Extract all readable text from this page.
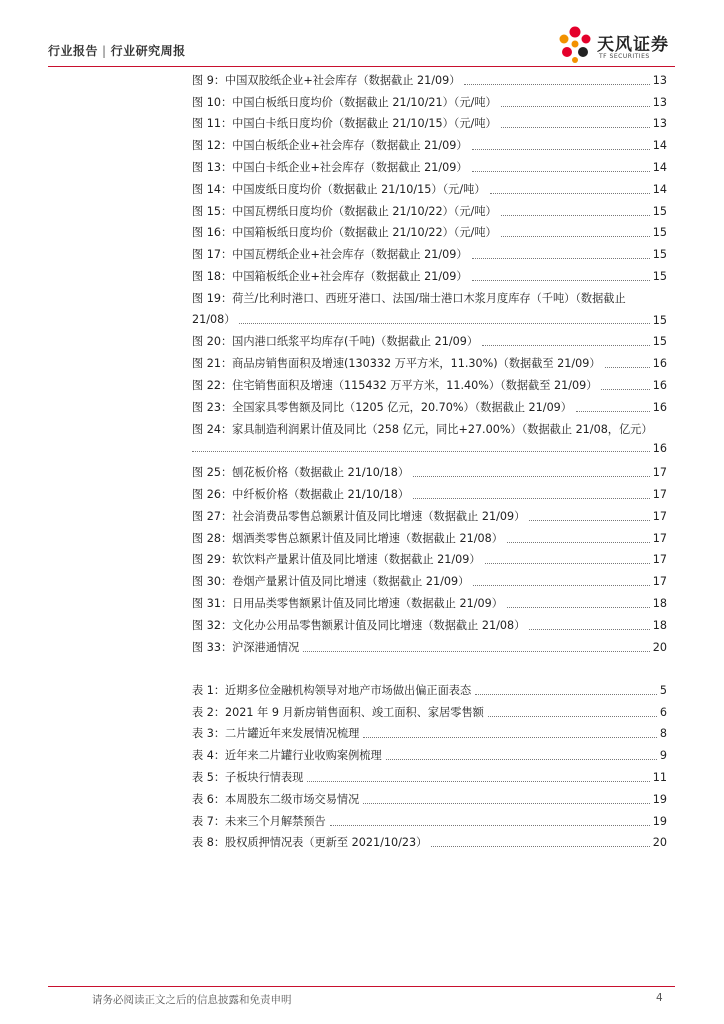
行业报告 | 行业研究周报	天风证券
TF SECURITIES
图 9：中国双胶纸企业+社会库存（数据截止 21/09）	13
图 10：中国白板纸日度均价（数据截止 21/10/21）（元/吨）	13
图 11：中国白卡纸日度均价（数据截止 21/10/15）（元/吨）	13
图 12：中国白板纸企业+社会库存（数据截止 21/09）	14
图 13：中国白卡纸企业+社会库存（数据截止 21/09）	14
图 14：中国废纸日度均价（数据截止 21/10/15）（元/吨）	14
图 15：中国瓦楞纸日度均价（数据截止 21/10/22）（元/吨）	15
图 16：中国箱板纸日度均价（数据截止 21/10/22）（元/吨）	15
图 17：中国瓦楞纸企业+社会库存（数据截止 21/09）	15
图 18：中国箱板纸企业+社会库存（数据截止 21/09）	15
图 19：荷兰/比利时港口、西班牙港口、法国/瑞士港口木浆月度库存（千吨）（数据截止
21/08）	15
图 20：国内港口纸浆平均库存(千吨)（数据截止 21/09）	15
图 21：商品房销售面积及增速(130332 万平方米，11.30%)（数据截至 21/09）	16
图 22：住宅销售面积及增速（115432 万平方米，11.40%）（数据截至 21/09）	16
图 23：全国家具零售额及同比（1205 亿元，20.70%）（数据截止 21/09）	16
图 24：家具制造利润累计值及同比（258 亿元，同比+27.00%）（数据截止 21/08，亿元）
16
图 25：刨花板价格（数据截止 21/10/18）	17
图 26：中纤板价格（数据截止 21/10/18）	17
图 27：社会消费品零售总额累计值及同比增速（数据截止 21/09）	17
图 28：烟酒类零售总额累计值及同比增速（数据截止 21/08）	17
图 29：软饮料产量累计值及同比增速（数据截止 21/09）	17
图 30：卷烟产量累计值及同比增速（数据截止 21/09）	17
图 31：日用品类零售额累计值及同比增速（数据截止 21/09）	18
图 32：文化办公用品零售额累计值及同比增速（数据截止 21/08）	18
图 33：沪深港通情况	20
表 1：近期多位金融机构领导对地产市场做出偏正面表态	5
表 2：2021 年 9 月新房销售面积、竣工面积、家居零售额	6
表 3：二片罐近年来发展情况梳理	8
表 4：近年来二片罐行业收购案例梳理	9
表 5：子板块行情表现	11
表 6：本周股东二级市场交易情况	19
表 7：未来三个月解禁预告	19
表 8：股权质押情况表（更新至 2021/10/23）	20
请务必阅读正文之后的信息披露和免责申明	4
